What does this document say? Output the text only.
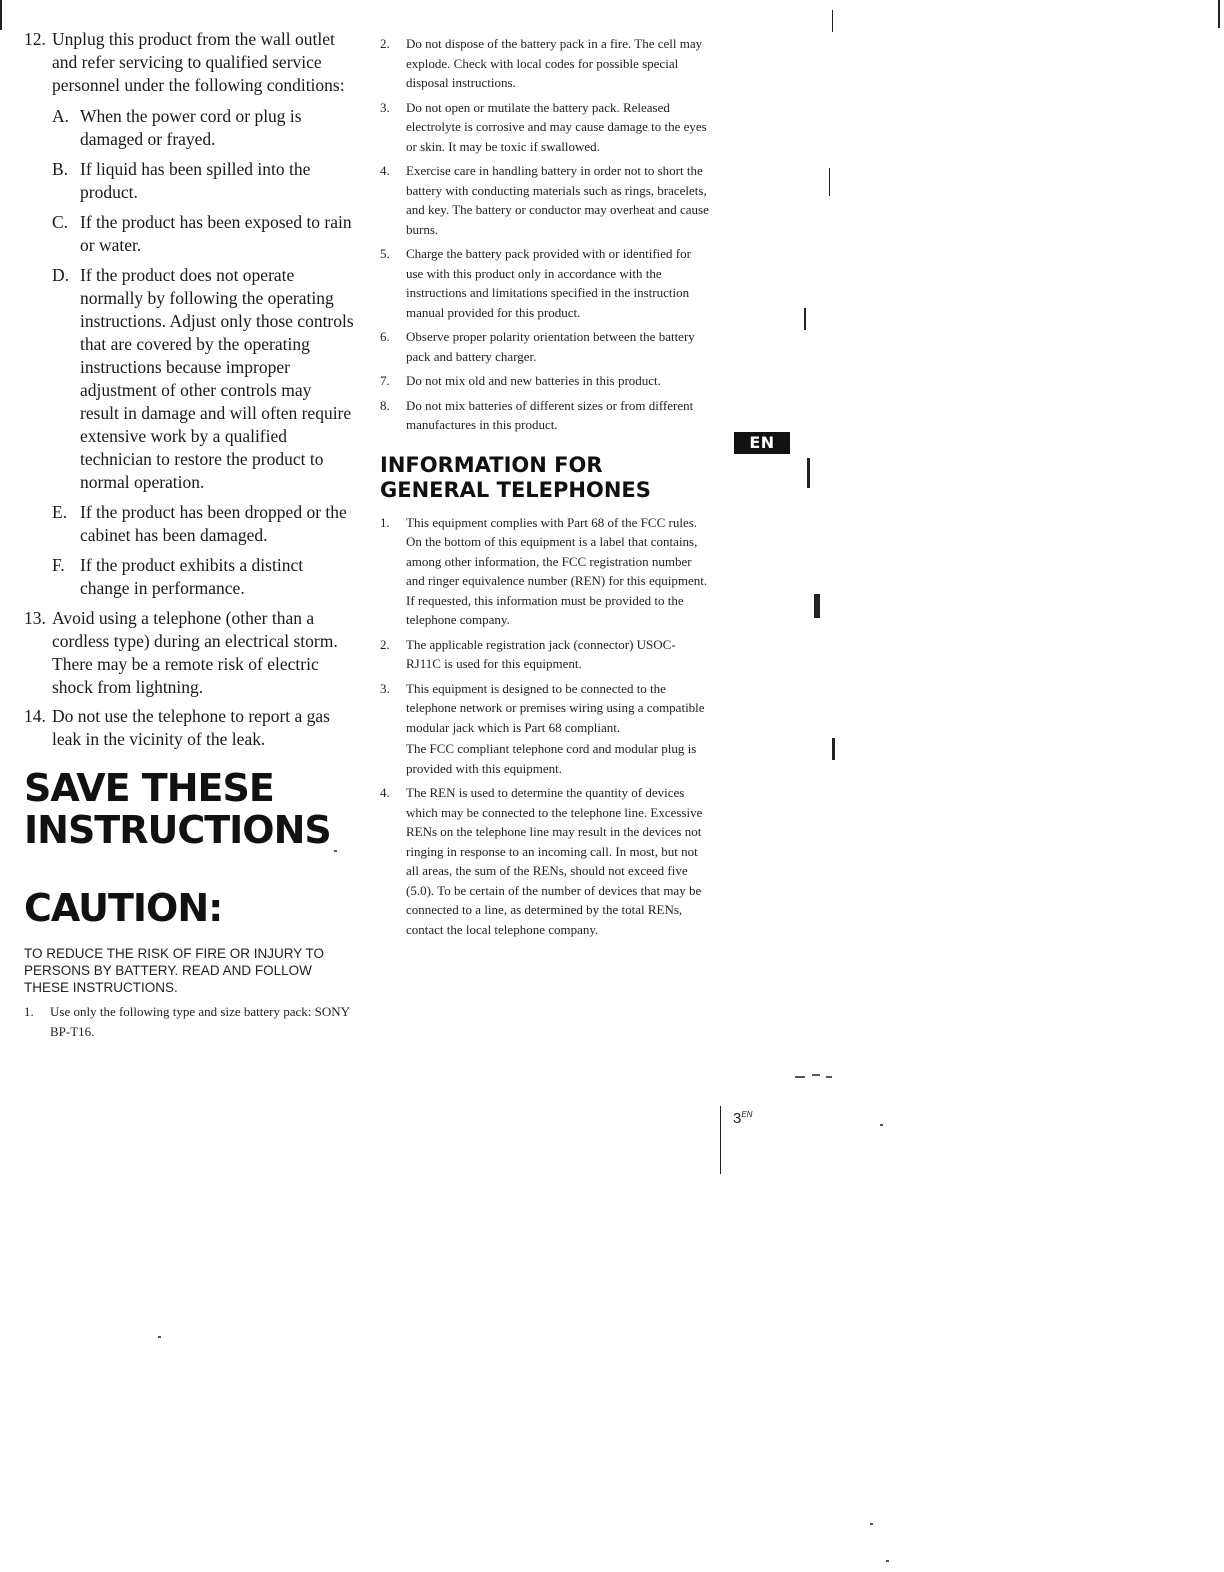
12. Unplug this product from the wall outlet and refer servicing to qualified service personnel under the following conditions:
A. When the power cord or plug is damaged or frayed.
B. If liquid has been spilled into the product.
C. If the product has been exposed to rain or water.
D. If the product does not operate normally by following the operating instructions. Adjust only those controls that are covered by the operating instructions because improper adjustment of other controls may result in damage and will often require extensive work by a qualified technician to restore the product to normal operation.
E. If the product has been dropped or the cabinet has been damaged.
F. If the product exhibits a distinct change in performance.
13. Avoid using a telephone (other than a cordless type) during an electrical storm. There may be a remote risk of electric shock from lightning.
14. Do not use the telephone to report a gas leak in the vicinity of the leak.
SAVE THESE
INSTRUCTIONS
CAUTION:
TO REDUCE THE RISK OF FIRE OR INJURY TO PERSONS BY BATTERY. READ AND FOLLOW THESE INSTRUCTIONS.
1. Use only the following type and size battery pack: SONY BP-T16.
2. Do not dispose of the battery pack in a fire. The cell may explode. Check with local codes for possible special disposal instructions.
3. Do not open or mutilate the battery pack. Released electrolyte is corrosive and may cause damage to the eyes or skin. It may be toxic if swallowed.
4. Exercise care in handling battery in order not to short the battery with conducting materials such as rings, bracelets, and key. The battery or conductor may overheat and cause burns.
5. Charge the battery pack provided with or identified for use with this product only in accordance with the instructions and limitations specified in the instruction manual provided for this product.
6. Observe proper polarity orientation between the battery pack and battery charger.
7. Do not mix old and new batteries in this product.
8. Do not mix batteries of different sizes or from different manufactures in this product.
INFORMATION FOR
GENERAL TELEPHONES
1. This equipment complies with Part 68 of the FCC rules. On the bottom of this equipment is a label that contains, among other information, the FCC registration number and ringer equivalence number (REN) for this equipment. If requested, this information must be provided to the telephone company.
2. The applicable registration jack (connector) USOC-RJ11C is used for this equipment.
3. This equipment is designed to be connected to the telephone network or premises wiring using a compatible modular jack which is Part 68 compliant.
The FCC compliant telephone cord and modular plug is provided with this equipment.
4. The REN is used to determine the quantity of devices which may be connected to the telephone line. Excessive RENs on the telephone line may result in the devices not ringing in response to an incoming call. In most, but not all areas, the sum of the RENs, should not exceed five (5.0). To be certain of the number of devices that may be connected to a line, as determined by the total RENs, contact the local telephone company.
EN
$3^{EN}$
